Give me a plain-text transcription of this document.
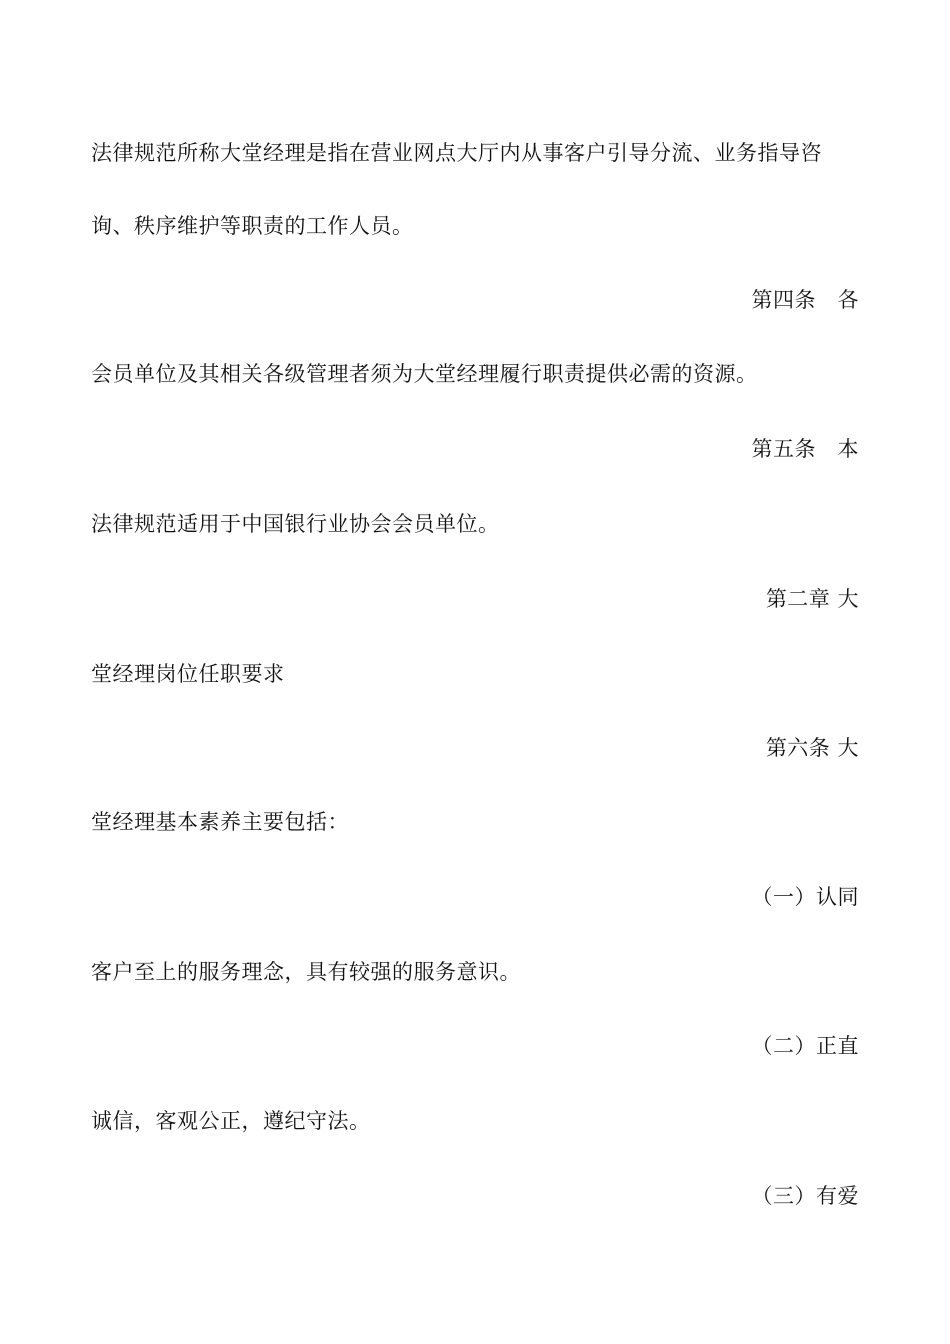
法律规范所称大堂经理是指在营业网点大厅内从事客户引导分流、业务指导咨
询、秩序维护等职责的工作人员。
第四条　各
会员单位及其相关各级管理者须为大堂经理履行职责提供必需的资源。
第五条　本
法律规范适用于中国银行业协会会员单位。
第二章 大
堂经理岗位任职要求
第六条 大
堂经理基本素养主要包括：
（一）认同
客户至上的服务理念，具有较强的服务意识。
（二）正直
诚信，客观公正，遵纪守法。
（三）有爱
